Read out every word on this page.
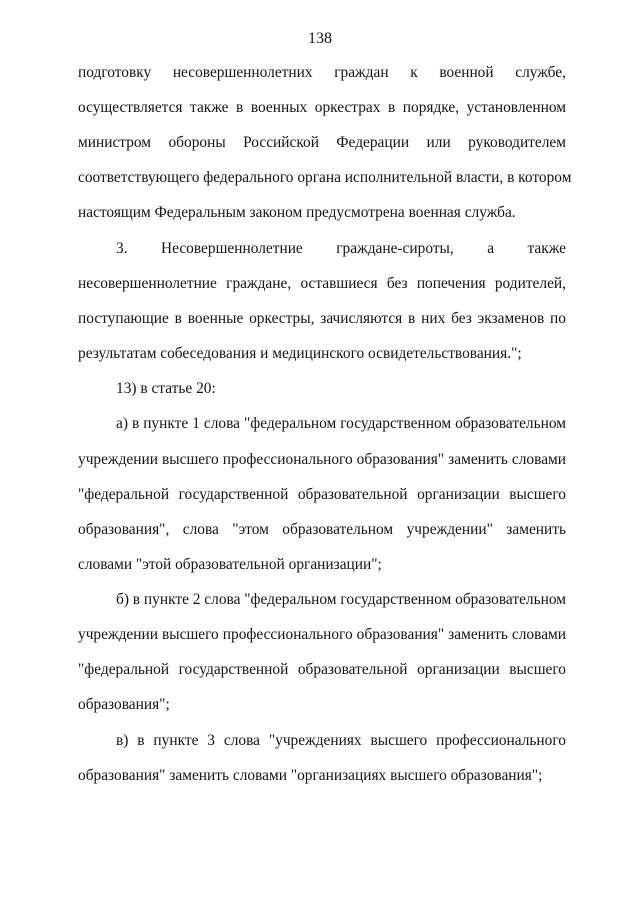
138
подготовку несовершеннолетних граждан к военной службе,
осуществляется также в военных оркестрах в порядке, установленном
министром обороны Российской Федерации или руководителем
соответствующего федерального органа исполнительной власти, в котором
настоящим Федеральным законом предусмотрена военная служба.
3. Несовершеннолетние граждане-сироты, а также
несовершеннолетние граждане, оставшиеся без попечения родителей,
поступающие в военные оркестры, зачисляются в них без экзаменов по
результатам собеседования и медицинского освидетельствования.";
13) в статье 20:
а) в пункте 1 слова "федеральном государственном образовательном
учреждении высшего профессионального образования" заменить словами
"федеральной государственной образовательной организации высшего
образования", слова "этом образовательном учреждении" заменить
словами "этой образовательной организации";
б) в пункте 2 слова "федеральном государственном образовательном
учреждении высшего профессионального образования" заменить словами
"федеральной государственной образовательной организации высшего
образования";
в) в пункте 3 слова "учреждениях высшего профессионального
образования" заменить словами "организациях высшего образования";
